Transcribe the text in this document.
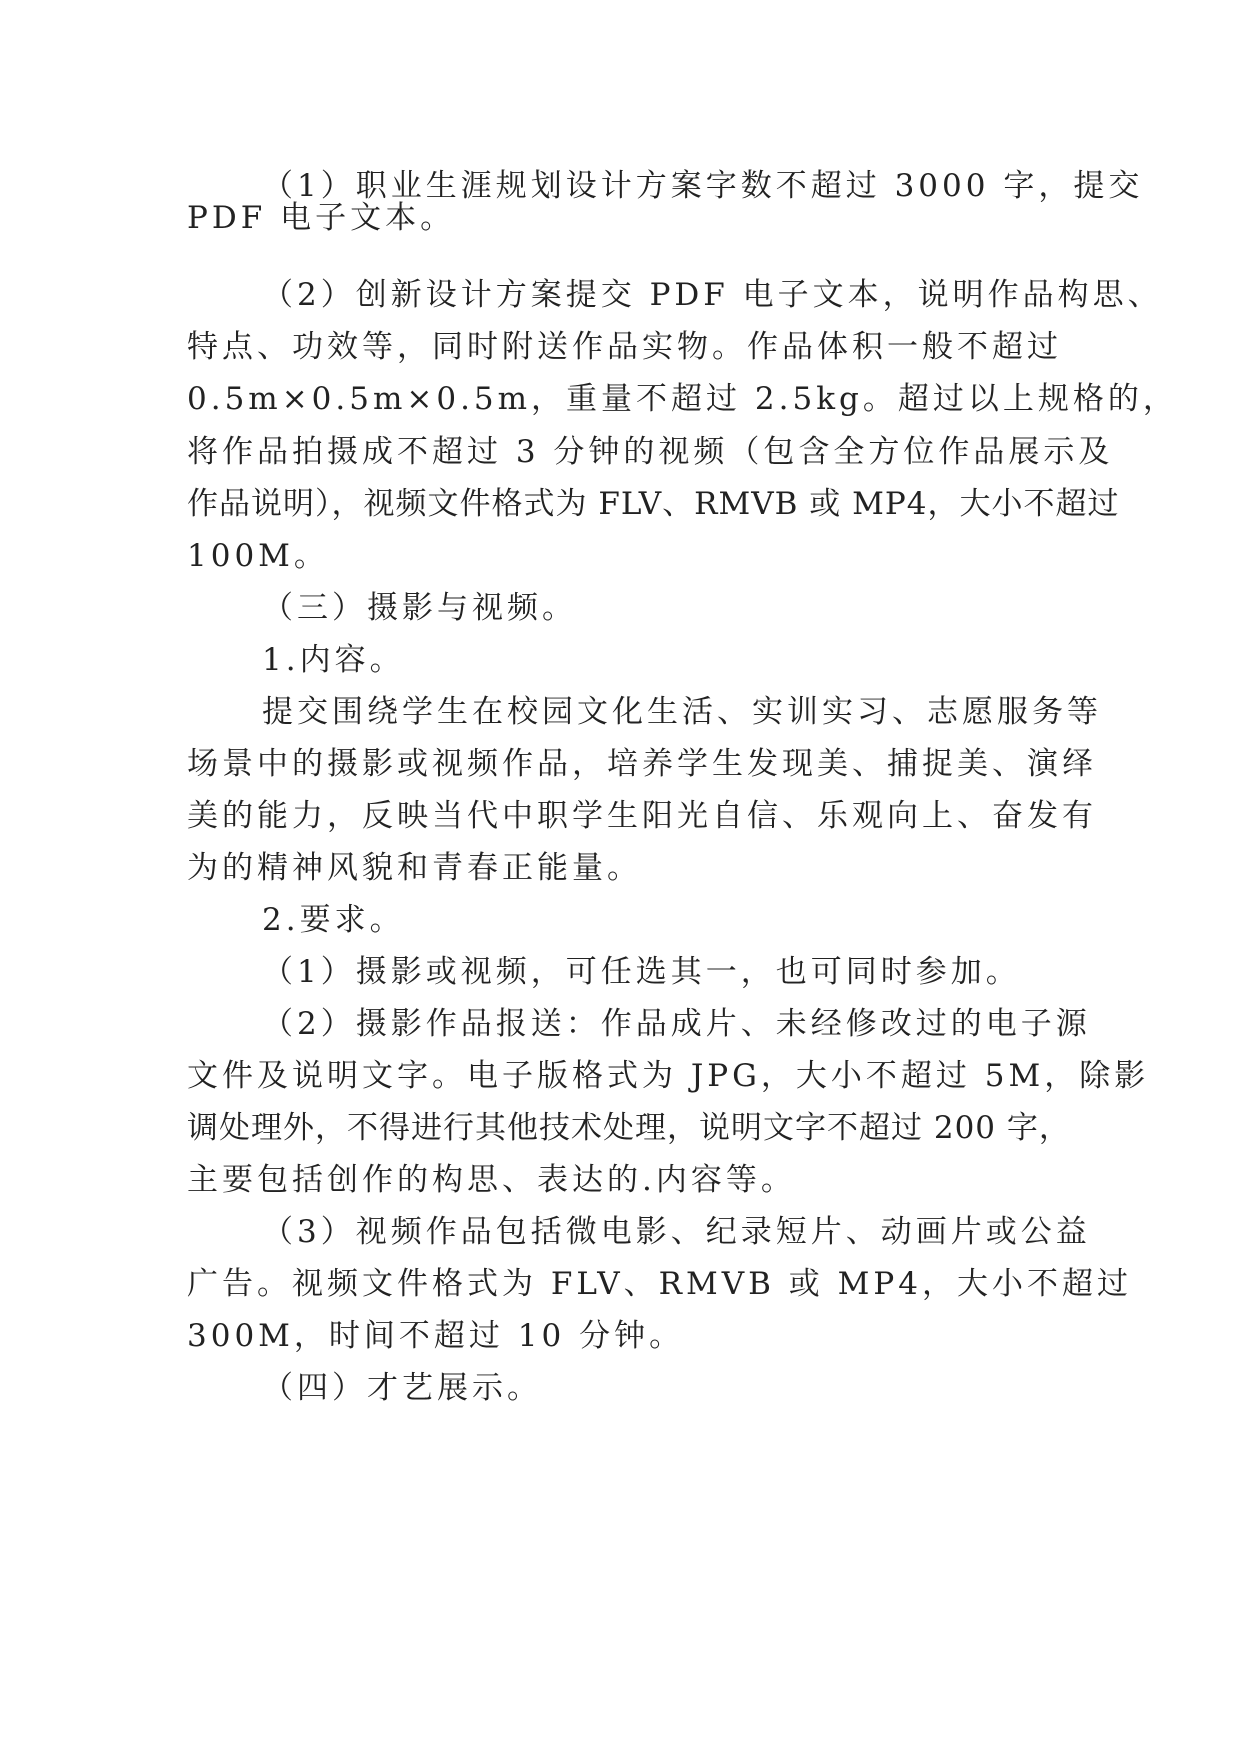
（1）职业生涯规划设计方案字数不超过 3000 字，提交
PDF 电子文本。
（2）创新设计方案提交 PDF 电子文本，说明作品构思、
特点、功效等，同时附送作品实物。作品体积一般不超过
0.5m×0.5m×0.5m，重量不超过 2.5kg。超过以上规格的，
将作品拍摄成不超过 3 分钟的视频（包含全方位作品展示及
作品说明），视频文件格式为 FLV、RMVB 或 MP4，大小不超过
100M。
（三）摄影与视频。
1.内容。
提交围绕学生在校园文化生活、实训实习、志愿服务等
场景中的摄影或视频作品，培养学生发现美、捕捉美、演绎
美的能力，反映当代中职学生阳光自信、乐观向上、奋发有
为的精神风貌和青春正能量。
2.要求。
（1）摄影或视频，可任选其一，也可同时参加。
（2）摄影作品报送：作品成片、未经修改过的电子源
文件及说明文字。电子版格式为 JPG，大小不超过 5M，除影
调处理外，不得进行其他技术处理，说明文字不超过 200 字，
主要包括创作的构思、表达的.内容等。
（3）视频作品包括微电影、纪录短片、动画片或公益
广告。视频文件格式为 FLV、RMVB 或 MP4，大小不超过
300M，时间不超过 10 分钟。
（四）才艺展示。
